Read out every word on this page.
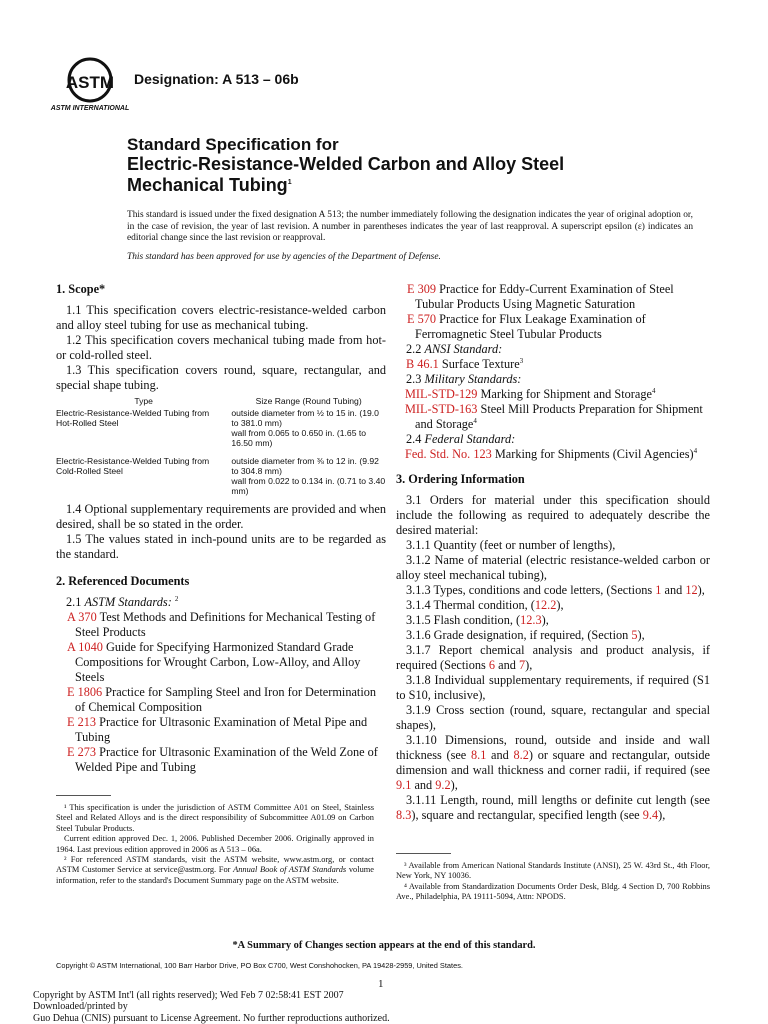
ASTM
ASTM INTERNATIONAL
Designation: A 513 – 06b
Standard Specification for
Electric-Resistance-Welded Carbon and Alloy Steel
Mechanical Tubing$^1$
This standard is issued under the fixed designation A 513; the number immediately following the designation indicates the year of original adoption or, in the case of revision, the year of last revision. A number in parentheses indicates the year of last reapproval. A superscript epsilon (ε) indicates an editorial change since the last revision or reapproval.
This standard has been approved for use by agencies of the Department of Defense.
1. Scope*

1.1 This specification covers electric-resistance-welded carbon and alloy steel tubing for use as mechanical tubing.

1.2 This specification covers mechanical tubing made from hot- or cold-rolled steel.

1.3 This specification covers round, square, rectangular, and special shape tubing.

Type	Size Range (Round Tubing)
Electric-Resistance-Welded Tubing from Hot-Rolled Steel	outside diameter from ½ to 15 in. (19.0 to 381.0 mm)
wall from 0.065 to 0.650 in. (1.65 to 16.50 mm)

Electric-Resistance-Welded Tubing from Cold-Rolled Steel	outside diameter from ⅜ to 12 in. (9.92 to 304.8 mm)
wall from 0.022 to 0.134 in. (0.71 to 3.40 mm)

1.4 Optional supplementary requirements are provided and when desired, shall be so stated in the order.

1.5 The values stated in inch-pound units are to be regarded as the standard.

2. Referenced Documents

2.1 ASTM Standards: $^2$

A 370 Test Methods and Definitions for Mechanical Testing of Steel Products

A 1040 Guide for Specifying Harmonized Standard Grade Compositions for Wrought Carbon, Low-Alloy, and Alloy Steels

E 1806 Practice for Sampling Steel and Iron for Determination of Chemical Composition

E 213 Practice for Ultrasonic Examination of Metal Pipe and Tubing

E 273 Practice for Ultrasonic Examination of the Weld Zone of Welded Pipe and Tubing

E 309 Practice for Eddy-Current Examination of Steel Tubular Products Using Magnetic Saturation

E 570 Practice for Flux Leakage Examination of Ferromagnetic Steel Tubular Products

2.2 ANSI Standard:

B 46.1 Surface Texture$^3$

2.3 Military Standards:

MIL-STD-129 Marking for Shipment and Storage$^4$

MIL-STD-163 Steel Mill Products Preparation for Shipment and Storage$^4$

2.4 Federal Standard:

Fed. Std. No. 123 Marking for Shipments (Civil Agencies)$^4$

3. Ordering Information

3.1 Orders for material under this specification should include the following as required to adequately describe the desired material:

3.1.1 Quantity (feet or number of lengths),

3.1.2 Name of material (electric resistance-welded carbon or alloy steel mechanical tubing),

3.1.3 Types, conditions and code letters, (Sections 1 and 12),

3.1.4 Thermal condition, (12.2),

3.1.5 Flash condition, (12.3),

3.1.6 Grade designation, if required, (Section 5),

3.1.7 Report chemical analysis and product analysis, if required (Sections 6 and 7),

3.1.8 Individual supplementary requirements, if required (S1 to S10, inclusive),

3.1.9 Cross section (round, square, rectangular and special shapes),

3.1.10 Dimensions, round, outside and inside and wall thickness (see 8.1 and 8.2) or square and rectangular, outside dimension and wall thickness and corner radii, if required (see 9.1 and 9.2),

3.1.11 Length, round, mill lengths or definite cut length (see 8.3), square and rectangular, specified length (see 9.4),

¹ This specification is under the jurisdiction of ASTM Committee A01 on Steel, Stainless Steel and Related Alloys and is the direct responsibility of Subcommittee A01.09 on Carbon Steel Tubular Products.

Current edition approved Dec. 1, 2006. Published December 2006. Originally approved in 1964. Last previous edition approved in 2006 as A 513 – 06a.

² For referenced ASTM standards, visit the ASTM website, www.astm.org, or contact ASTM Customer Service at service@astm.org. For Annual Book of ASTM Standards volume information, refer to the standard's Document Summary page on the ASTM website.

³ Available from American National Standards Institute (ANSI), 25 W. 43rd St., 4th Floor, New York, NY 10036.

⁴ Available from Standardization Documents Order Desk, Bldg. 4 Section D, 700 Robbins Ave., Philadelphia, PA 19111-5094, Attn: NPODS.

*A Summary of Changes section appears at the end of this standard.
Copyright © ASTM International, 100 Barr Harbor Drive, PO Box C700, West Conshohocken, PA 19428-2959, United States.
1
Copyright by ASTM Int'l (all rights reserved); Wed Feb 7 02:58:41 EST 2007
Downloaded/printed by
Guo Dehua (CNIS) pursuant to License Agreement. No further reproductions authorized.
